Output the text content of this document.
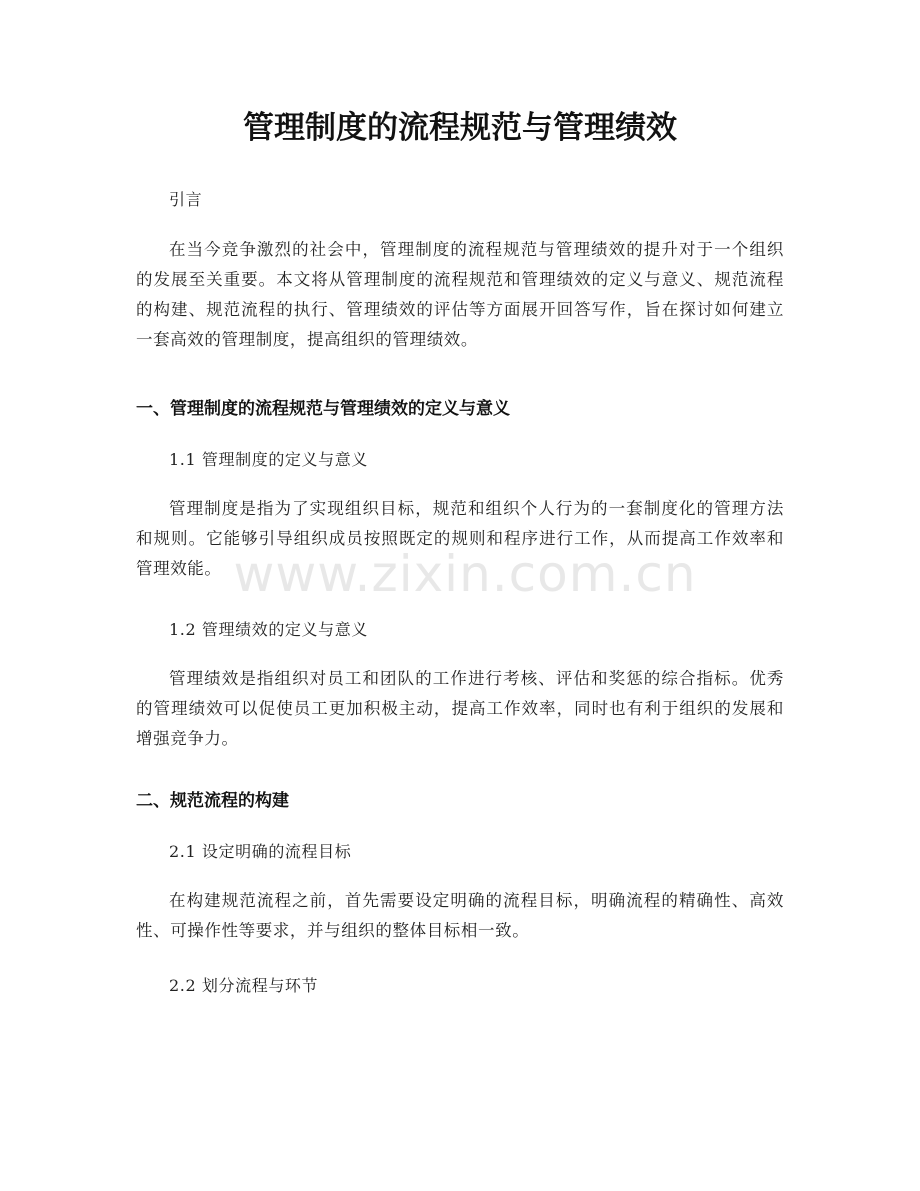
管理制度的流程规范与管理绩效

引言

在当今竞争激烈的社会中，管理制度的流程规范与管理绩效的提升对于一个组织的发展至关重要。本文将从管理制度的流程规范和管理绩效的定义与意义、规范流程的构建、规范流程的执行、管理绩效的评估等方面展开回答写作，旨在探讨如何建立一套高效的管理制度，提高组织的管理绩效。

一、管理制度的流程规范与管理绩效的定义与意义

1.1 管理制度的定义与意义

管理制度是指为了实现组织目标，规范和组织个人行为的一套制度化的管理方法和规则。它能够引导组织成员按照既定的规则和程序进行工作，从而提高工作效率和管理效能。

1.2 管理绩效的定义与意义

管理绩效是指组织对员工和团队的工作进行考核、评估和奖惩的综合指标。优秀的管理绩效可以促使员工更加积极主动，提高工作效率，同时也有利于组织的发展和增强竞争力。

二、规范流程的构建

2.1 设定明确的流程目标

在构建规范流程之前，首先需要设定明确的流程目标，明确流程的精确性、高效性、可操作性等要求，并与组织的整体目标相一致。

2.2 划分流程与环节

www.zixin.com.cn
